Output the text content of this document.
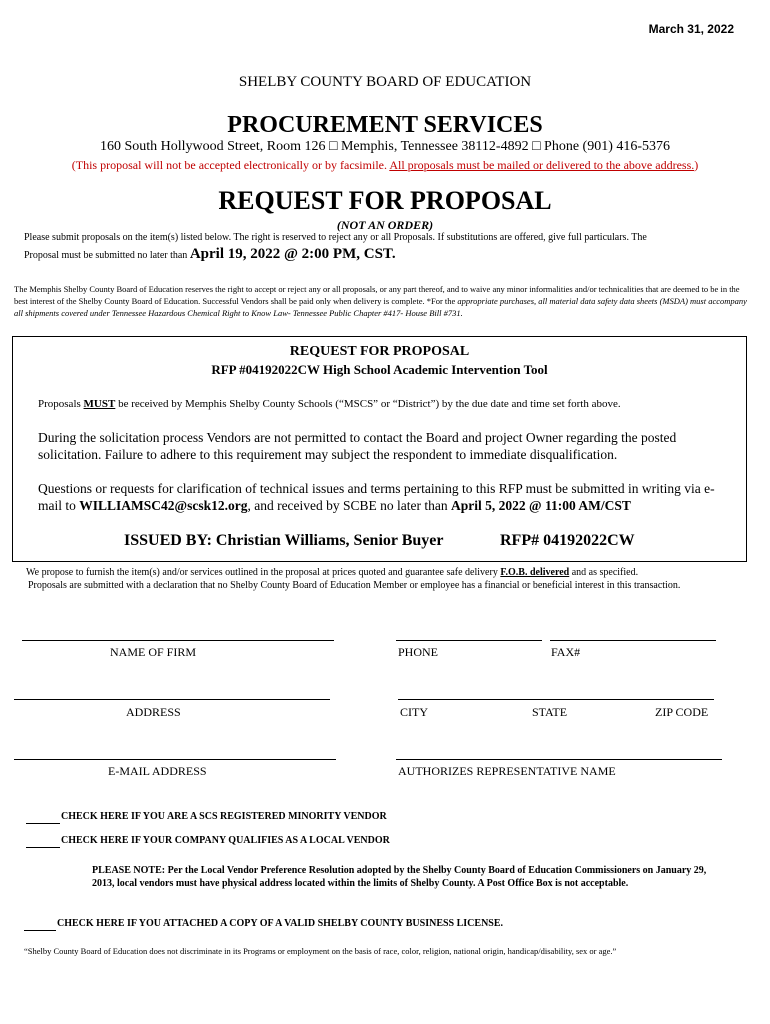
March 31, 2022
SHELBY COUNTY BOARD OF EDUCATION
PROCUREMENT SERVICES
160 South Hollywood Street, Room 126 □ Memphis, Tennessee 38112-4892 □ Phone (901) 416-5376
(This proposal will not be accepted electronically or by facsimile. All proposals must be mailed or delivered to the above address.)
REQUEST FOR PROPOSAL
(NOT AN ORDER)
Please submit proposals on the item(s) listed below. The right is reserved to reject any or all Proposals. If substitutions are offered, give full particulars. The
Proposal must be submitted no later than April 19, 2022 @ 2:00 PM, CST.
The Memphis Shelby County Board of Education reserves the right to accept or reject any or all proposals, or any part thereof, and to waive any minor informalities and/or technicalities that are deemed to be in the best interest of the Shelby County Board of Education. Successful Vendors shall be paid only when delivery is complete. *For the appropriate purchases, all material data safety data sheets (MSDA) must accompany all shipments covered under Tennessee Hazardous Chemical Right to Know Law- Tennessee Public Chapter #417- House Bill #731.
REQUEST FOR PROPOSAL
RFP #04192022CW High School Academic Intervention Tool
Proposals MUST be received by Memphis Shelby County Schools (“MSCS” or “District”) by the due date and time set forth above.
During the solicitation process Vendors are not permitted to contact the Board and project Owner regarding the posted solicitation. Failure to adhere to this requirement may subject the respondent to immediate disqualification.
Questions or requests for clarification of technical issues and terms pertaining to this RFP must be submitted in writing via e-mail to WILLIAMSC42@scsk12.org, and received by SCBE no later than April 5, 2022 @ 11:00 AM/CST
ISSUED BY: Christian Williams, Senior Buyer	RFP# 04192022CW
We propose to furnish the item(s) and/or services outlined in the proposal at prices quoted and guarantee safe delivery F.O.B. delivered and as specified.
Proposals are submitted with a declaration that no Shelby County Board of Education Member or employee has a financial or beneficial interest in this transaction.
NAME OF FIRM	PHONE	FAX#
ADDRESS	CITY	STATE	ZIP CODE
E-MAIL ADDRESS	AUTHORIZES REPRESENTATIVE NAME
CHECK HERE IF YOU ARE A SCS REGISTERED MINORITY VENDOR
CHECK HERE IF YOUR COMPANY QUALIFIES AS A LOCAL VENDOR
PLEASE NOTE: Per the Local Vendor Preference Resolution adopted by the Shelby County Board of Education Commissioners on January 29, 2013, local vendors must have physical address located within the limits of Shelby County. A Post Office Box is not acceptable.
CHECK HERE IF YOU ATTACHED A COPY OF A VALID SHELBY COUNTY BUSINESS LICENSE.
“Shelby County Board of Education does not discriminate in its Programs or employment on the basis of race, color, religion, national origin, handicap/disability, sex or age.”
